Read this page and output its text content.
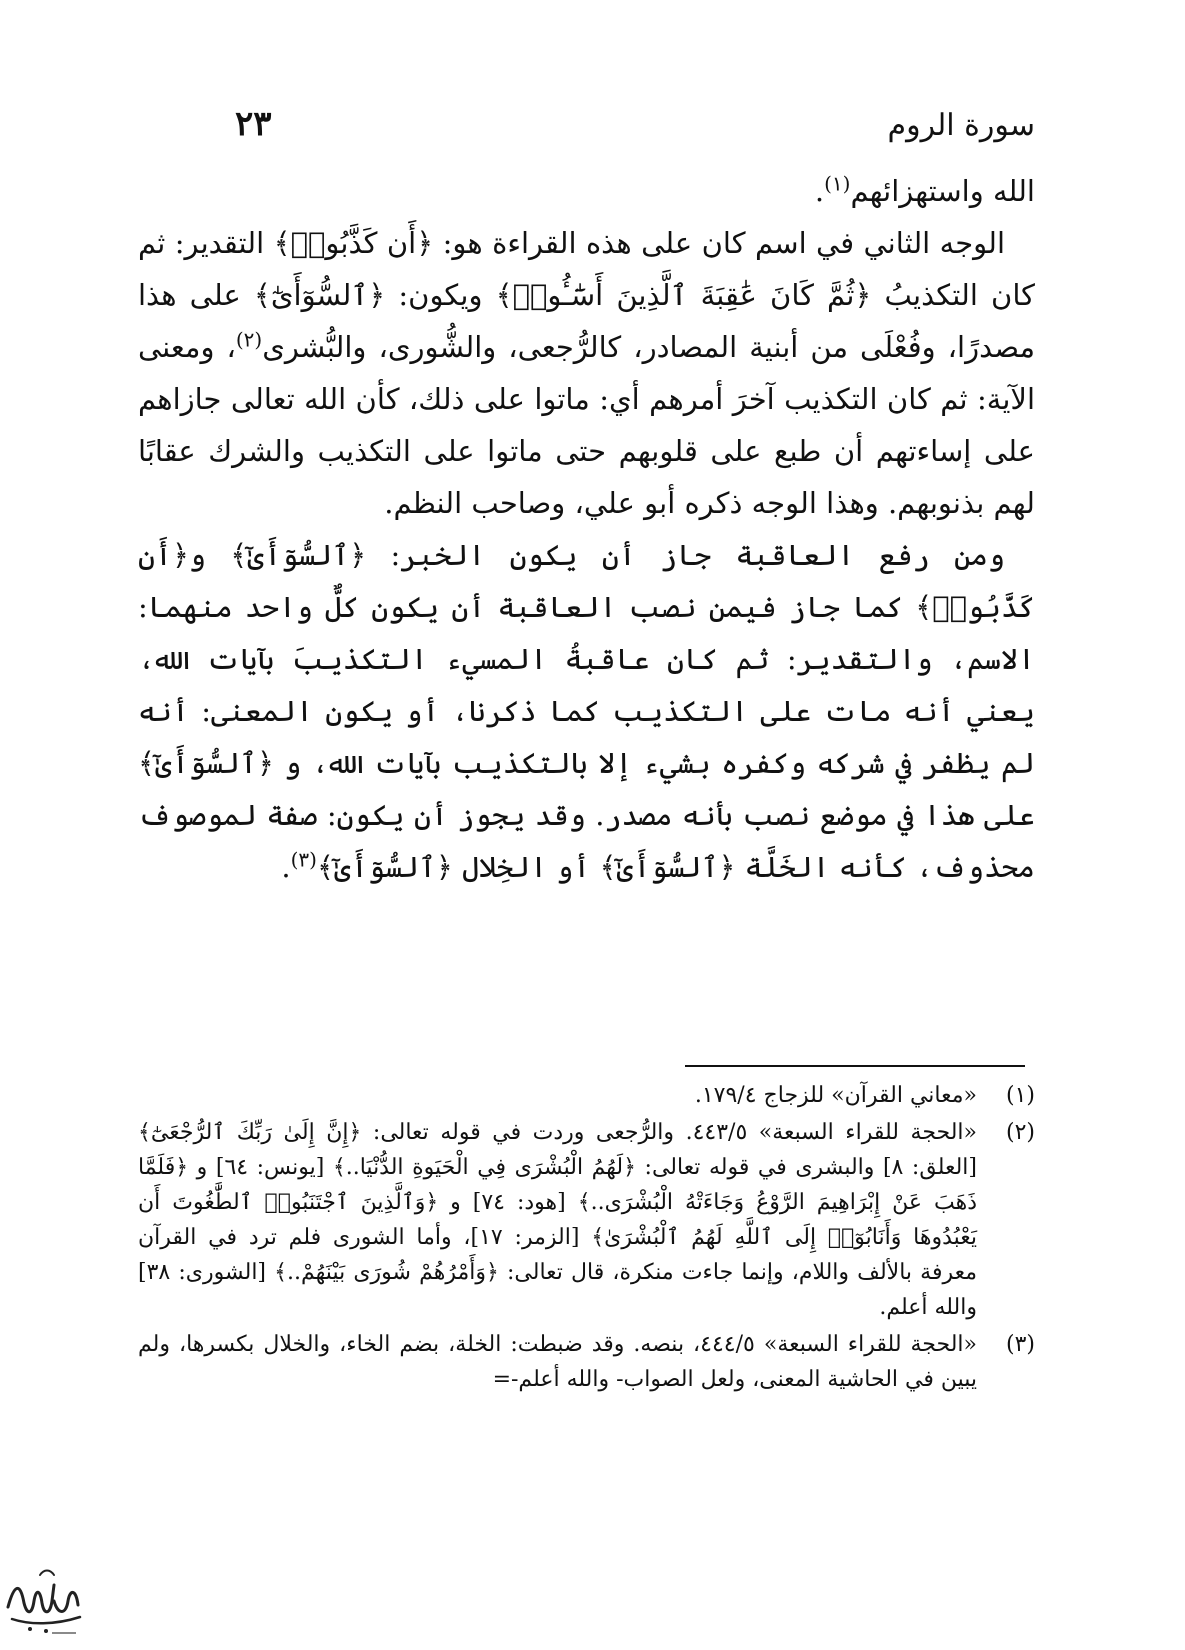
سورة الروم
٢٣

الله واستهزائهم$^{(١)}$.

الوجه الثاني في اسم كان على هذه القراءة هو: ﴿أَن كَذَّبُوا۟﴾ التقدير: ثم كان التكذيبُ ﴿ثُمَّ كَانَ عَٰقِبَةَ ٱلَّذِينَ أَسَٰٓـُٔوا۟﴾ ويكون: ﴿ٱلسُّوٓأَىٰٓ﴾ على هذا مصدرًا، وفُعْلَى من أبنية المصادر، كالرُّجعى، والشُّورى، والبُّشرى$^{(٢)}$، ومعنى الآية: ثم كان التكذيب آخرَ أمرهم أي: ماتوا على ذلك، كأن الله تعالى جازاهم على إساءتهم أن طبع على قلوبهم حتى ماتوا على التكذيب والشرك عقابًا لهم بذنوبهم. وهذا الوجه ذكره أبو علي، وصاحب النظم.

ومن رفع العاقبة جاز أن يكون الخبر: ﴿ٱلسُّوٓأَىٰٓ﴾ و﴿أَن كَذَّبُوا۟﴾ كما جاز فيمن نصب العاقبة أن يكون كلٌّ واحد منهما: الاسم، والتقدير: ثم كان عاقبةُ المسيء التكذيبَ بآيات الله، يعني أنه مات على التكذيب كما ذكرنا، أو يكون المعنى: أنه لم يظفر في شركه وكفره بشيء إلا بالتكذيب بآيات الله، و ﴿ٱلسُّوٓأَىٰٓ﴾ على هذا في موضع نصب بأنه مصدر. وقد يجوز أن يكون: صفة لموصوف محذوف، كأنه الخَلَّة ﴿ٱلسُّوٓأَىٰٓ﴾ أو الخِلال ﴿ٱلسُّوٓأَىٰٓ﴾$^{(٣)}$.

(١)
«معاني القرآن» للزجاج ١٧٩/٤.
(٢)
«الحجة للقراء السبعة» ٤٤٣/٥. والرُّجعى وردت في قوله تعالى: ﴿إِنَّ إِلَىٰ رَبِّكَ ٱلرُّجْعَىٰٓ﴾ [العلق: ٨] والبشرى في قوله تعالى: ﴿لَهُمُ الْبُشْرَى فِي الْحَيَوةِ الدُّنْيَا..﴾ [يونس: ٦٤] و ﴿فَلَمَّا ذَهَبَ عَنْ إِبْرَاهِيمَ الرَّوْعُ وَجَاءَتْهُ الْبُشْرَى..﴾ [هود: ٧٤] و ﴿وَٱلَّذِينَ ٱجْتَنَبُوا۟ ٱلطَّٰغُوتَ أَن يَعْبُدُوهَا وَأَنَابُوٓا۟ إِلَى ٱللَّهِ لَهُمُ ٱلْبُشْرَىٰ﴾ [الزمر: ١٧]، وأما الشورى فلم ترد في القرآن معرفة بالألف واللام، وإنما جاءت منكرة، قال تعالى: ﴿وَأَمْرُهُمْ شُورَى بَيْنَهُمْ..﴾ [الشورى: ٣٨] والله أعلم.
(٣)
«الحجة للقراء السبعة» ٤٤٤/٥، بنصه. وقد ضبطت: الخلة، بضم الخاء، والخلال بكسرها، ولم يبين في الحاشية المعنى، ولعل الصواب- والله أعلم-=
